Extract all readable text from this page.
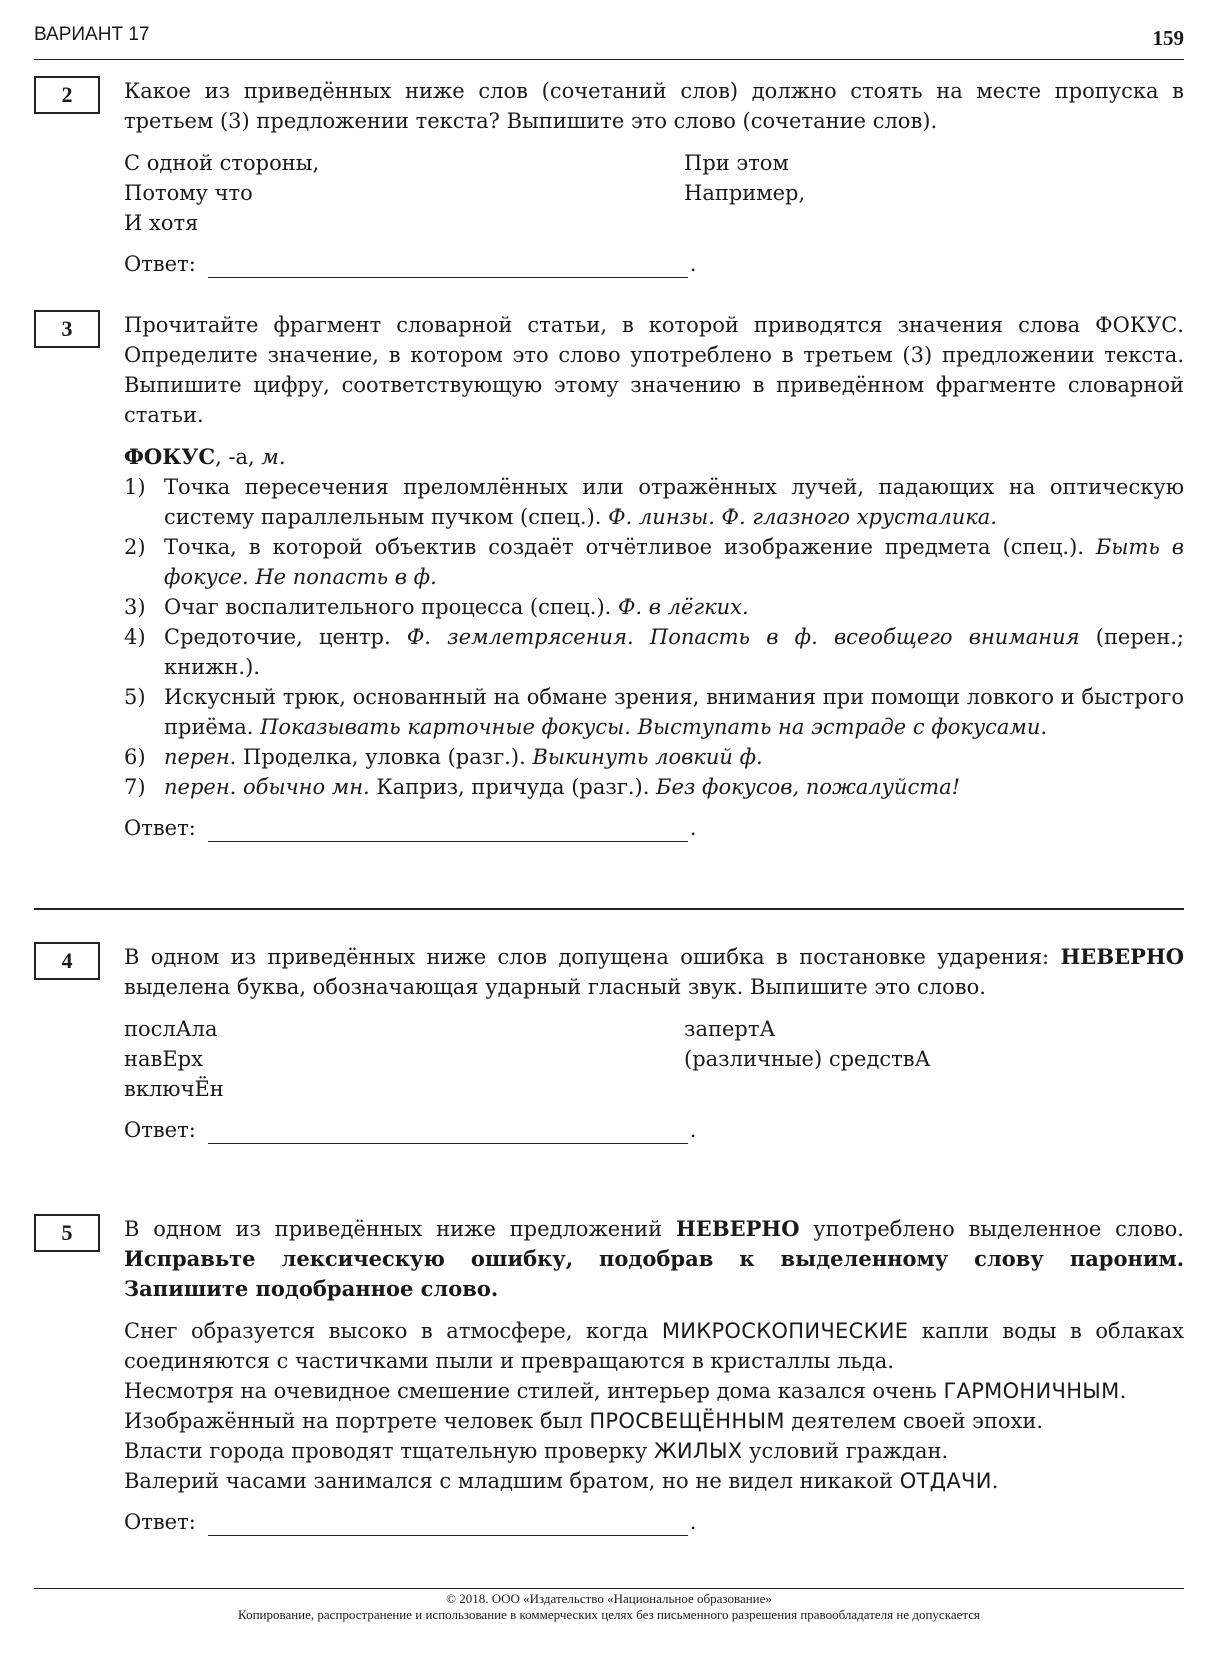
ВАРИАНТ 17	159
2	Какое из приведённых ниже слов (сочетаний слов) должно стоять на месте пропуска в третьем (3) предложении текста? Выпишите это слово (сочетание слов).

С одной стороны,
Потому что
И хотя
При этом
Например,
Ответ:	.
3	Прочитайте фрагмент словарной статьи, в которой приводятся значения слова ФОКУС. Определите значение, в котором это слово употреблено в третьем (3) предложении текста. Выпишите цифру, соответствующую этому значению в приведённом фрагменте словарной статьи.

ФОКУС, -а, м.
1) Точка пересечения преломлённых или отражённых лучей, падающих на оптическую систему параллельным пучком (спец.). Ф. линзы. Ф. глазного хрусталика.
2) Точка, в которой объектив создаёт отчётливое изображение предмета (спец.). Быть в фокусе. Не попасть в ф.
3) Очаг воспалительного процесса (спец.). Ф. в лёгких.
4) Средоточие, центр. Ф. землетрясения. Попасть в ф. всеобщего внимания (перен.; книжн.).
5) Искусный трюк, основанный на обмане зрения, внимания при помощи ловкого и быстрого приёма. Показывать карточные фокусы. Выступать на эстраде с фокусами.
6) перен. Проделка, уловка (разг.). Выкинуть ловкий ф.
7) перен. обычно мн. Каприз, причуда (разг.). Без фокусов, пожалуйста!
Ответ:	.
4	В одном из приведённых ниже слов допущена ошибка в постановке ударения: НЕВЕРНО выделена буква, обозначающая ударный гласный звук. Выпишите это слово.

послАла
навЕрх
включЁн
запертА
(различные) средствА
Ответ:	.
5	В одном из приведённых ниже предложений НЕВЕРНО употреблено выделенное слово. Исправьте лексическую ошибку, подобрав к выделенному слову пароним. Запишите подобранное слово.

Снег образуется высоко в атмосфере, когда МИКРОСКОПИЧЕСКИЕ капли воды в облаках соединяются с частичками пыли и превращаются в кристаллы льда.

Несмотря на очевидное смешение стилей, интерьер дома казался очень ГАРМОНИЧНЫМ.

Изображённый на портрете человек был ПРОСВЕЩЁННЫМ деятелем своей эпохи.

Власти города проводят тщательную проверку ЖИЛЫХ условий граждан.

Валерий часами занимался с младшим братом, но не видел никакой ОТДАЧИ.

Ответ:	.
© 2018. ООО «Издательство «Национальное образование»
Копирование, распространение и использование в коммерческих целях без письменного разрешения правообладателя не допускается
